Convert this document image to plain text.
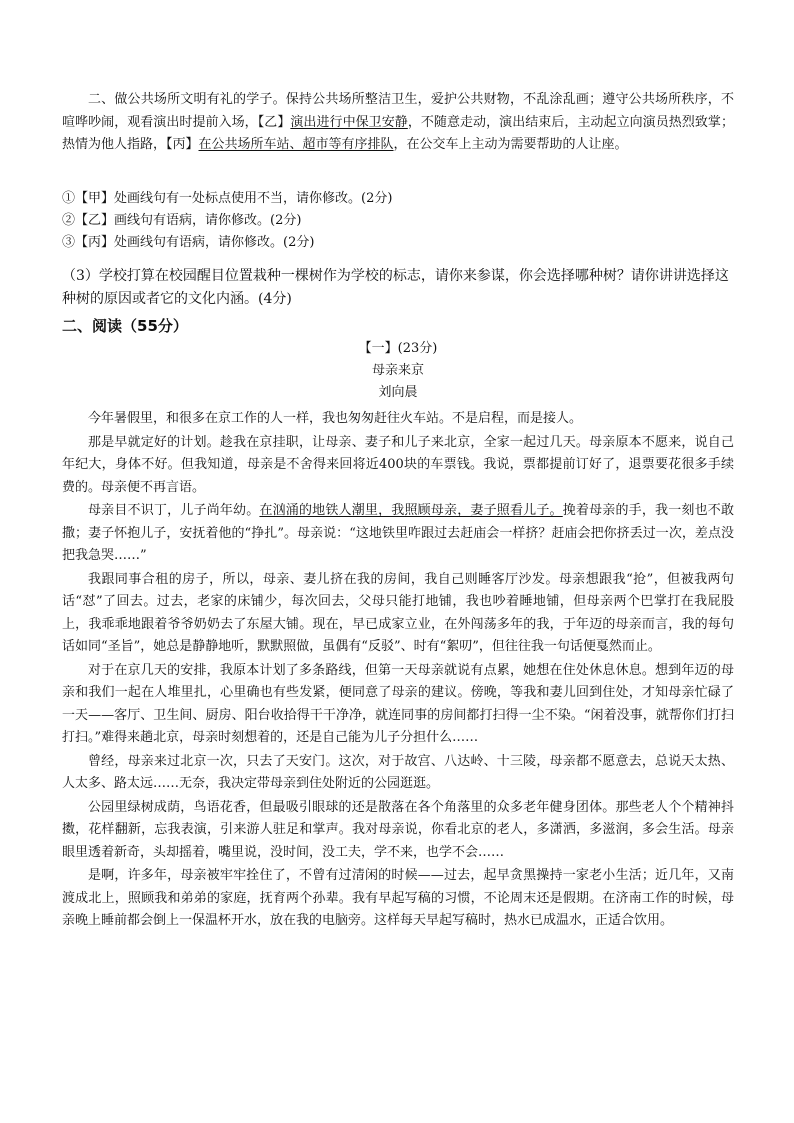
二、做公共场所文明有礼的学子。保持公共场所整洁卫生，爱护公共财物，不乱涂乱画；遵守公共场所秩序，不喧哗吵闹，观看演出时提前入场，【乙】演出进行中保卫安静，不随意走动，演出结束后，主动起立向演员热烈致掌；热情为他人指路，【丙】在公共场所车站、超市等有序排队，在公交车上主动为需要帮助的人让座。

①【甲】处画线句有一处标点使用不当，请你修改。(2分)

②【乙】画线句有语病，请你修改。(2分)

③【丙】处画线句有语病，请你修改。(2分)

（3）学校打算在校园醒目位置栽种一棵树作为学校的标志，请你来参谋，你会选择哪种树？请你讲讲选择这种树的原因或者它的文化内涵。(4分)

二、阅读（55分）

【一】(23分)

母亲来京

刘向晨

今年暑假里，和很多在京工作的人一样，我也匆匆赶往火车站。不是启程，而是接人。

那是早就定好的计划。趁我在京挂职，让母亲、妻子和儿子来北京，全家一起过几天。母亲原本不愿来，说自己年纪大，身体不好。但我知道，母亲是不舍得来回将近400块的车票钱。我说，票都提前订好了，退票要花很多手续费的。母亲便不再言语。

母亲目不识丁，儿子尚年幼。在汹涌的地铁人潮里，我照顾母亲，妻子照看儿子。挽着母亲的手，我一刻也不敢撒；妻子怀抱儿子，安抚着他的“挣扎”。母亲说：“这地铁里咋跟过去赶庙会一样挤？赶庙会把你挤丢过一次，差点没把我急哭……”

我跟同事合租的房子，所以，母亲、妻儿挤在我的房间，我自己则睡客厅沙发。母亲想跟我“抢”，但被我两句话“怼”了回去。过去，老家的床铺少，每次回去，父母只能打地铺，我也吵着睡地铺，但母亲两个巴掌打在我屁股上，我乖乖地跟着爷爷奶奶去了东屋大铺。现在，早已成家立业，在外闯荡多年的我，于年迈的母亲而言，我的每句话如同“圣旨”，她总是静静地听，默默照做，虽偶有“反驳”、时有“絮叨”，但往往我一句话便戛然而止。

对于在京几天的安排，我原本计划了多条路线，但第一天母亲就说有点累，她想在住处休息休息。想到年迈的母亲和我们一起在人堆里扎，心里确也有些发紧，便同意了母亲的建议。傍晚，等我和妻儿回到住处，才知母亲忙碌了一天——客厅、卫生间、厨房、阳台收拾得干干净净，就连同事的房间都打扫得一尘不染。“闲着没事，就帮你们打扫打扫。”难得来趟北京，母亲时刻想着的，还是自己能为儿子分担什么……

曾经，母亲来过北京一次，只去了天安门。这次，对于故宫、八达岭、十三陵，母亲都不愿意去，总说天太热、人太多、路太远……无奈，我决定带母亲到住处附近的公园逛逛。

公园里绿树成荫，鸟语花香，但最吸引眼球的还是散落在各个角落里的众多老年健身团体。那些老人个个精神抖擞，花样翻新，忘我表演，引来游人驻足和掌声。我对母亲说，你看北京的老人，多潇洒，多滋润，多会生活。母亲眼里透着新奇，头却摇着，嘴里说，没时间，没工夫，学不来，也学不会……

是啊，许多年，母亲被牢牢拴住了，不曾有过清闲的时候——过去，起早贪黑操持一家老小生活；近几年，又南渡成北上，照顾我和弟弟的家庭，抚育两个孙辈。我有早起写稿的习惯，不论周末还是假期。在济南工作的时候，母亲晚上睡前都会倒上一保温杯开水，放在我的电脑旁。这样每天早起写稿时，热水已成温水，正适合饮用。
